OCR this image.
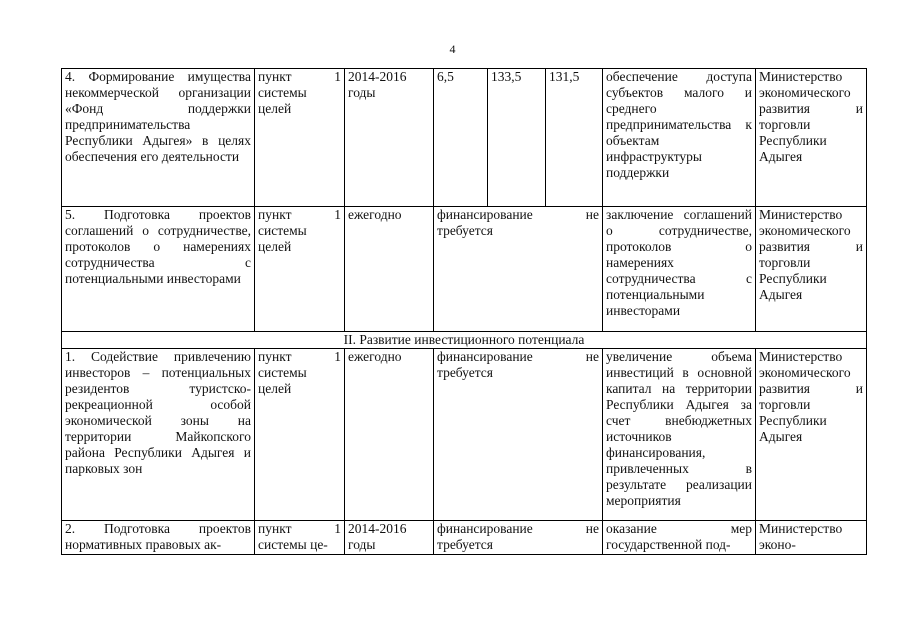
4
4. Формирование имущества некоммерческой организации «Фонд поддержки предпринимательства Республики Адыгея» в целях обеспечения его деятельности	пункт 1 системы целей	2014-2016 годы	6,5	133,5	131,5	обеспечение доступа субъектов малого и среднего предпринимательства к объектам инфраструктуры поддержки	Министерство экономического развития и торговли Республики Адыгея
5. Подготовка проектов соглашений о сотрудничестве, протоколов о намерениях сотрудничества с потенциальными инвесторами	пункт 1 системы целей	ежегодно	финансирование не требуется			заключение соглашений о сотрудничестве, протоколов о намерениях сотрудничества с потенциальными инвесторами	Министерство экономического развития и торговли Республики Адыгея
II. Развитие инвестиционного потенциала							
1. Содействие привлечению инвесторов – потенциальных резидентов туристско-рекреационной особой экономической зоны на территории Майкопского района Республики Адыгея и парковых зон	пункт 1 системы целей	ежегодно	финансирование не требуется			увеличение объема инвестиций в основной капитал на территории Республики Адыгея за счет внебюджетных источников финансирования, привлеченных в результате реализации мероприятия	Министерство экономического развития и торговли Республики Адыгея
2. Подготовка проектов нормативных правовых ак-	пункт 1 системы це-	2014-2016 годы	финансирование не требуется			оказание мер государственной под-	Министерство эконо-
